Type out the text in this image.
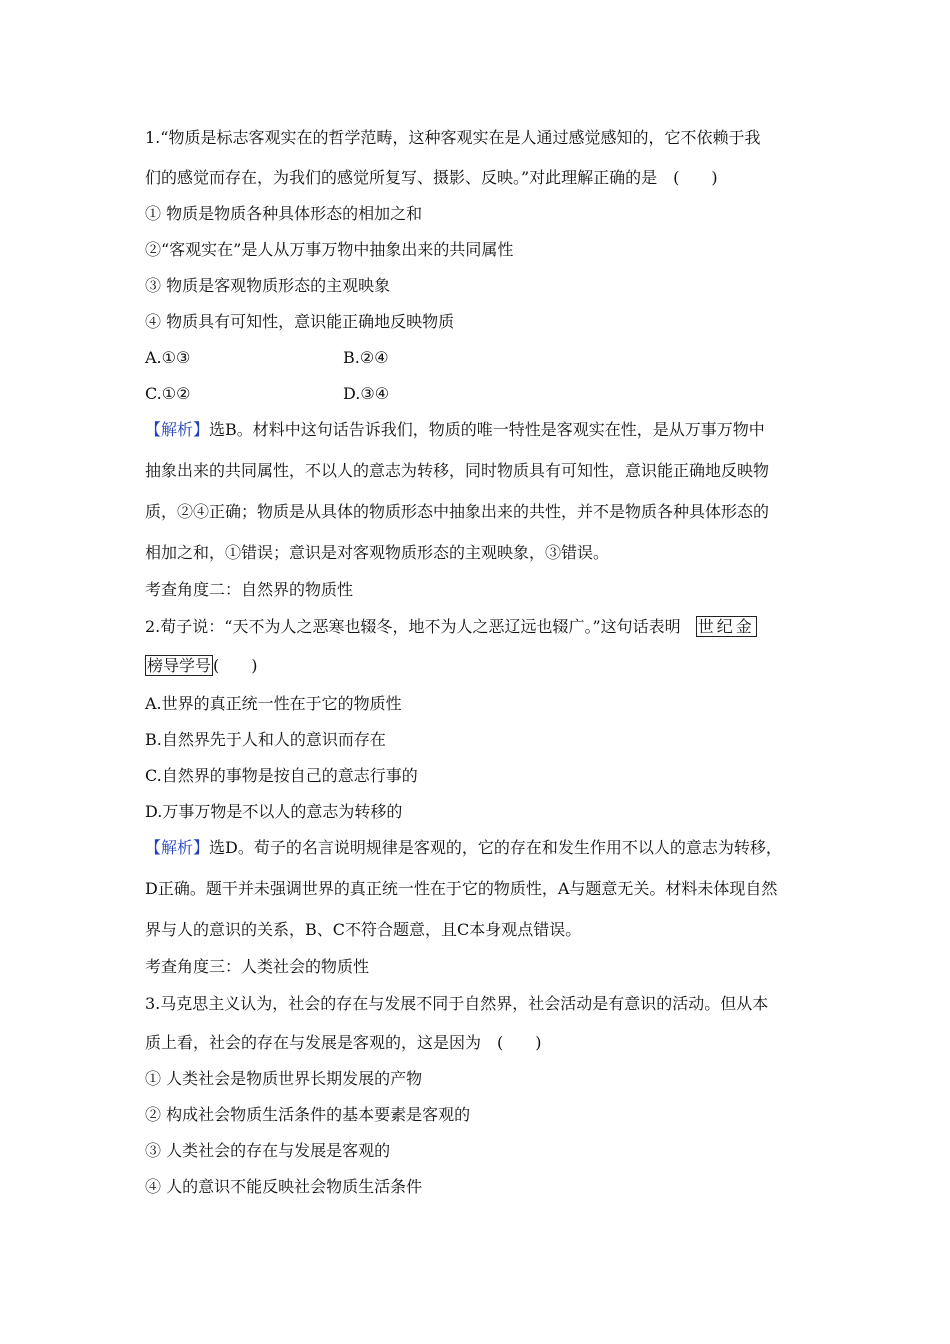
1.“物质是标志客观实在的哲学范畴，这种客观实在是人通过感觉感知的，它不依赖于我
们的感觉而存在，为我们的感觉所复写、摄影、反映。”对此理解正确的是　(　　)
① 物质是物质各种具体形态的相加之和
②“客观实在”是人从万事万物中抽象出来的共同属性
③ 物质是客观物质形态的主观映象
④ 物质具有可知性，意识能正确地反映物质
A.①③	B.②④
C.①②	D.③④
【解析】选B。材料中这句话告诉我们，物质的唯一特性是客观实在性，是从万事万物中
抽象出来的共同属性，不以人的意志为转移，同时物质具有可知性，意识能正确地反映物
质，②④正确；物质是从具体的物质形态中抽象出来的共性，并不是物质各种具体形态的
相加之和，①错误；意识是对客观物质形态的主观映象，③错误。
考查角度二：自然界的物质性
2.荀子说：“天不为人之恶寒也辍冬，地不为人之恶辽远也辍广。”这句话表明 世纪金
榜导学号 (　　)
A.世界的真正统一性在于它的物质性
B.自然界先于人和人的意识而存在
C.自然界的事物是按自己的意志行事的
D.万事万物是不以人的意志为转移的
【解析】选D。荀子的名言说明规律是客观的，它的存在和发生作用不以人的意志为转移，
D正确。题干并未强调世界的真正统一性在于它的物质性，A与题意无关。材料未体现自然
界与人的意识的关系，B、C不符合题意，且C本身观点错误。
考查角度三：人类社会的物质性
3.马克思主义认为，社会的存在与发展不同于自然界，社会活动是有意识的活动。但从本
质上看，社会的存在与发展是客观的，这是因为　(　　)
① 人类社会是物质世界长期发展的产物
② 构成社会物质生活条件的基本要素是客观的
③ 人类社会的存在与发展是客观的
④ 人的意识不能反映社会物质生活条件
